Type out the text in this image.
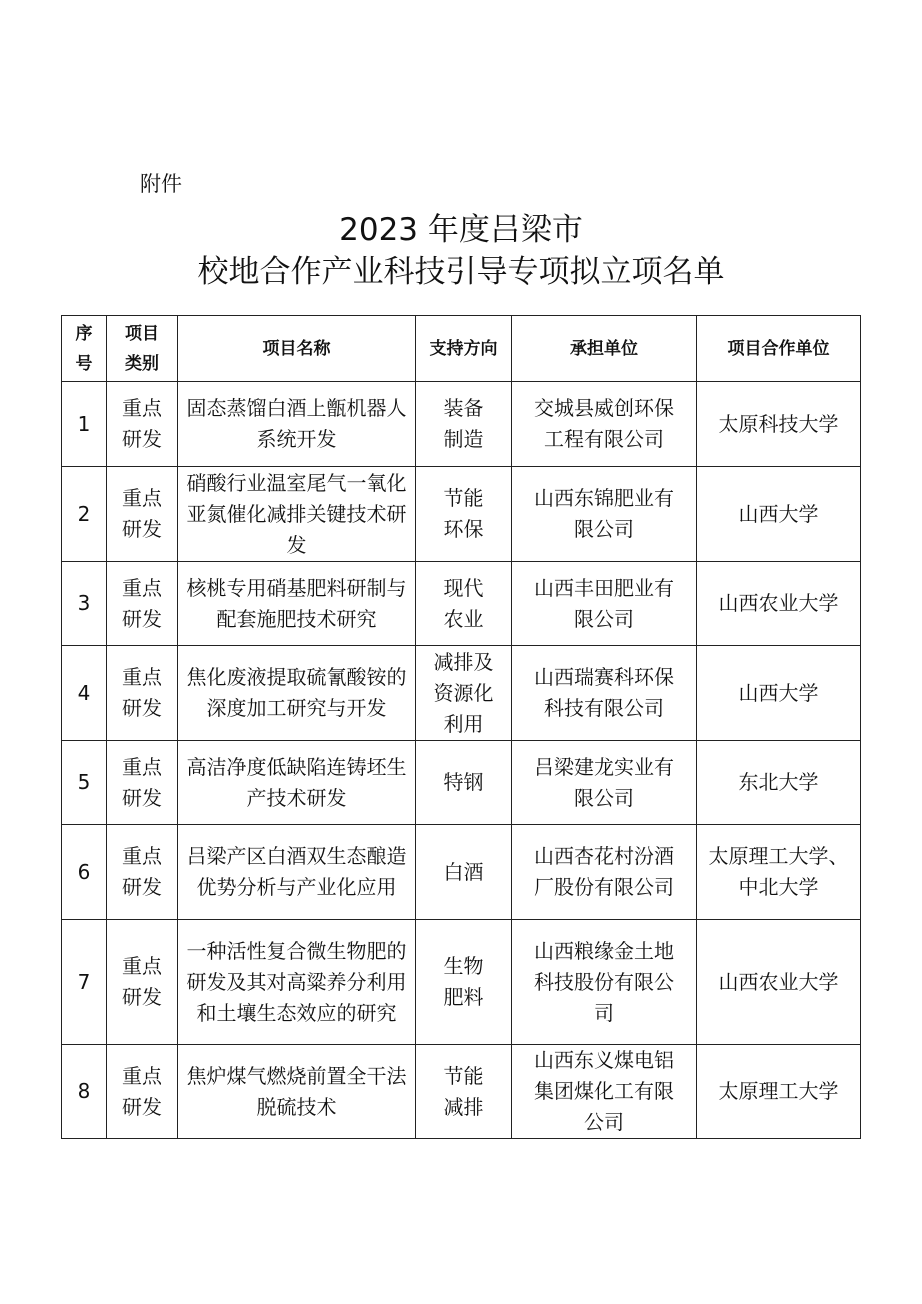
附件
2023 年度吕梁市
校地合作产业科技引导专项拟立项名单
序号	项目类别	项目名称	支持方向	承担单位	项目合作单位
1	重点研发	固态蒸馏白酒上甑机器人系统开发	装备制造	交城县威创环保工程有限公司	太原科技大学
2	重点研发	硝酸行业温室尾气一氧化亚氮催化减排关键技术研发	节能环保	山西东锦肥业有限公司	山西大学
3	重点研发	核桃专用硝基肥料研制与配套施肥技术研究	现代农业	山西丰田肥业有限公司	山西农业大学
4	重点研发	焦化废液提取硫氰酸铵的深度加工研究与开发	减排及资源化利用	山西瑞赛科环保科技有限公司	山西大学
5	重点研发	高洁净度低缺陷连铸坯生产技术研发	特钢	吕梁建龙实业有限公司	东北大学
6	重点研发	吕梁产区白酒双生态酿造优势分析与产业化应用	白酒	山西杏花村汾酒厂股份有限公司	太原理工大学、中北大学

7	重点研发	一种活性复合微生物肥的研发及其对高粱养分利用和土壤生态效应的研究	生物肥料	山西粮缘金土地科技股份有限公司	山西农业大学
8	重点研发	焦炉煤气燃烧前置全干法脱硫技术	节能减排	山西东义煤电铝集团煤化工有限公司	太原理工大学
